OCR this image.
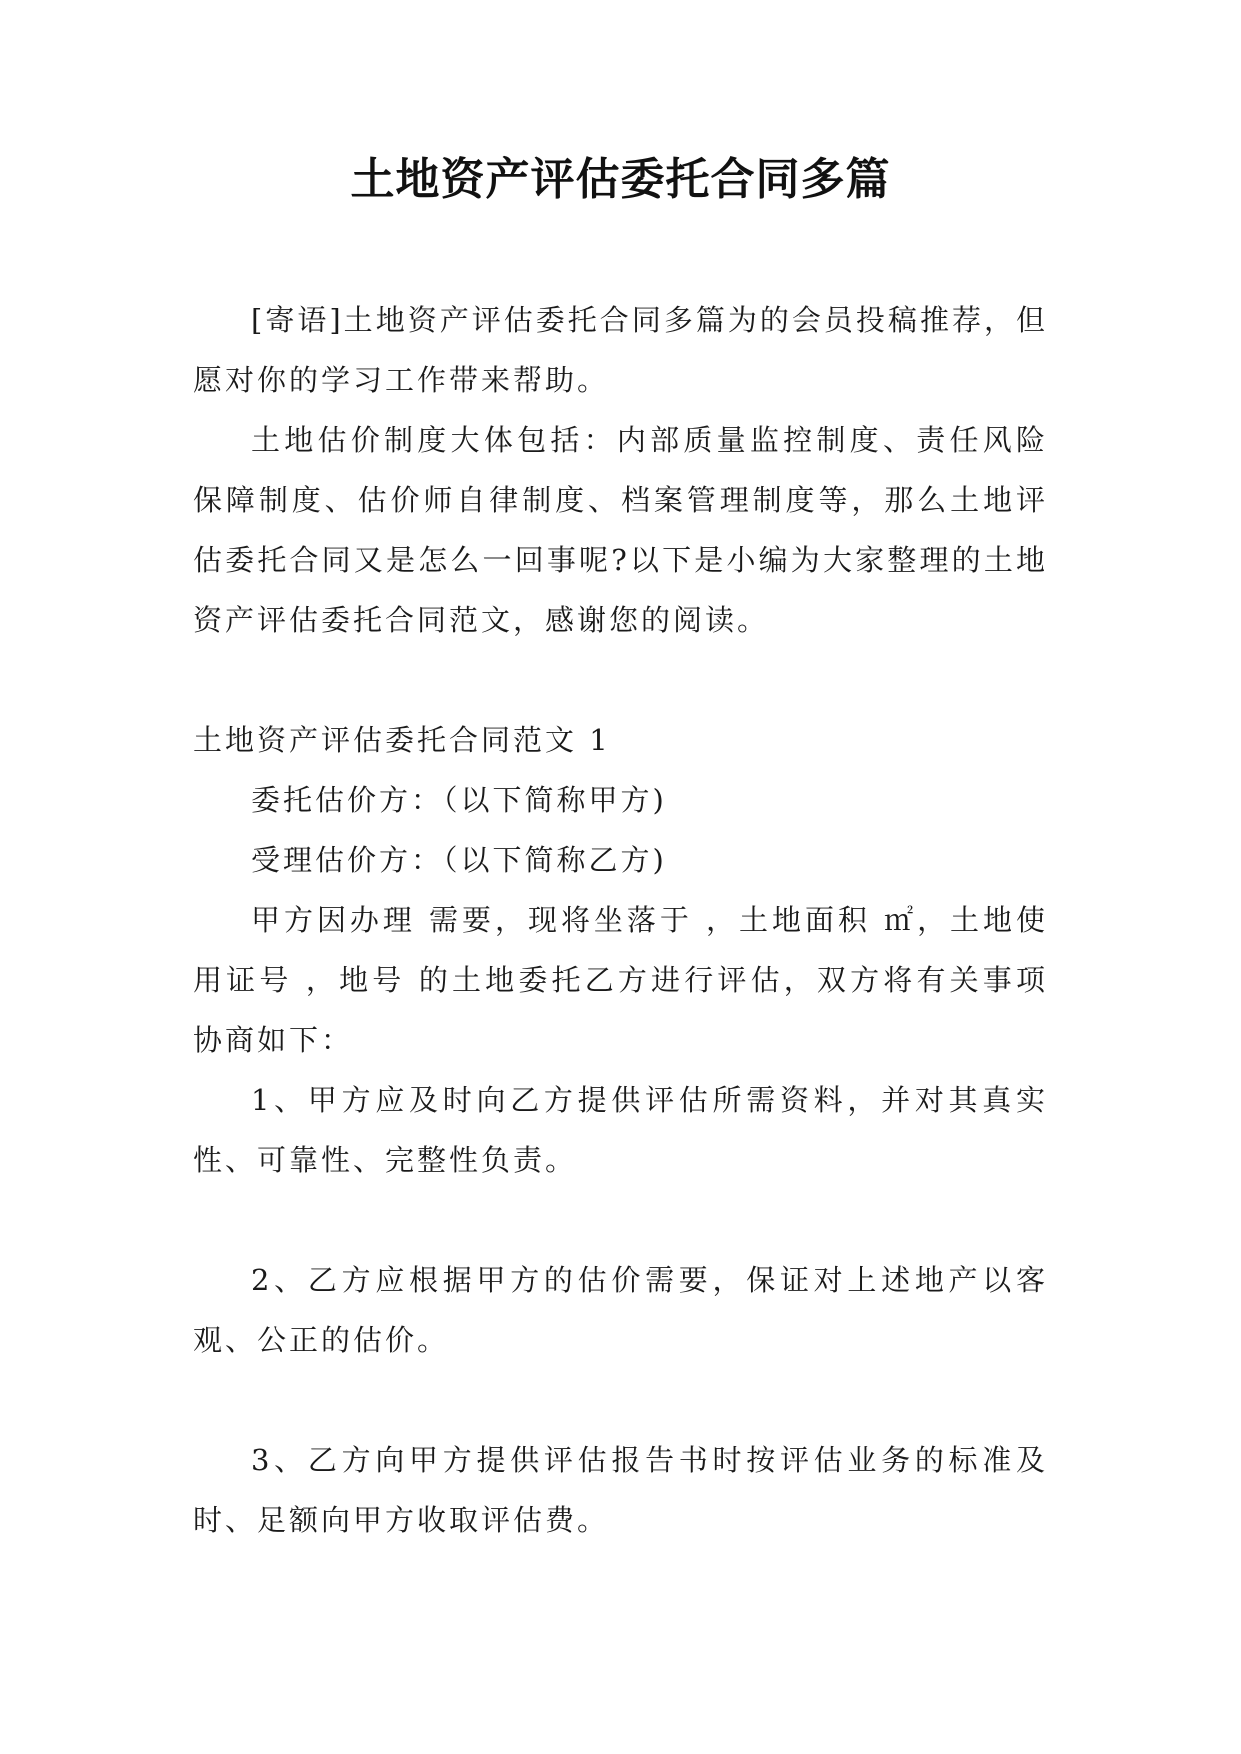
土地资产评估委托合同多篇

[寄语]土地资产评估委托合同多篇为的会员投稿推荐，但愿对你的学习工作带来帮助。

土地估价制度大体包括：内部质量监控制度、责任风险保障制度、估价师自律制度、档案管理制度等，那么土地评估委托合同又是怎么一回事呢?以下是小编为大家整理的土地资产评估委托合同范文，感谢您的阅读。

土地资产评估委托合同范文 1

委托估价方：（以下简称甲方)

受理估价方：（以下简称乙方)

甲方因办理 需要，现将坐落于 ，土地面积 ㎡，土地使用证号 ，地号 的土地委托乙方进行评估，双方将有关事项协商如下：

1、甲方应及时向乙方提供评估所需资料，并对其真实性、可靠性、完整性负责。

2、乙方应根据甲方的估价需要，保证对上述地产以客观、公正的估价。

3、乙方向甲方提供评估报告书时按评估业务的标准及时、足额向甲方收取评估费。
